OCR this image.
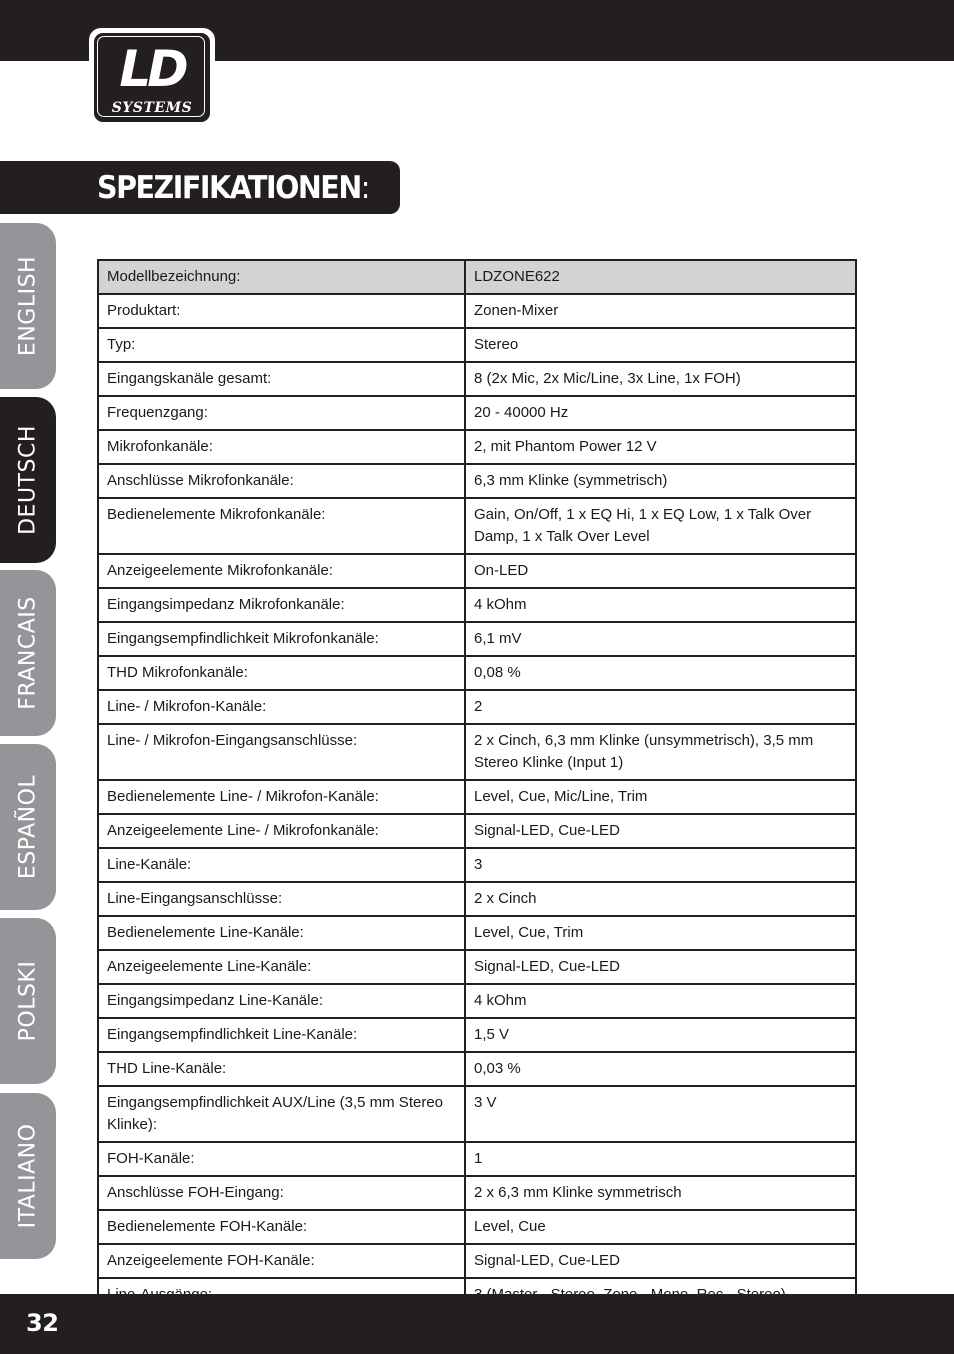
LD
SYSTEMS
SPEZIFIKATIONEN:
ENGLISH
DEUTSCH
FRANCAIS
ESPAÑOL
POLSKI
ITALIANO
Modellbezeichnung:	LDZONE622
Produktart:	Zonen-Mixer
Typ:	Stereo
Eingangskanäle gesamt:	8 (2x Mic, 2x Mic/Line, 3x Line, 1x FOH)
Frequenzgang:	20 - 40000 Hz
Mikrofonkanäle:	2, mit Phantom Power 12 V
Anschlüsse Mikrofonkanäle:	6,3 mm Klinke (symmetrisch)
Bedienelemente Mikrofonkanäle:	Gain, On/Off, 1 x EQ Hi, 1 x EQ Low, 1 x Talk Over Damp, 1 x Talk Over Level
Anzeigeelemente Mikrofonkanäle:	On-LED
Eingangsimpedanz Mikrofonkanäle:	4 kOhm
Eingangsempfindlichkeit Mikrofonkanäle:	6,1 mV
THD Mikrofonkanäle:	0,08 %
Line- / Mikrofon-Kanäle:	2
Line- / Mikrofon-Eingangsanschlüsse:	2 x Cinch, 6,3 mm Klinke (unsymmetrisch), 3,5 mm Stereo Klinke (Input 1)
Bedienelemente Line- / Mikrofon-Kanäle:	Level, Cue, Mic/Line, Trim
Anzeigeelemente Line- / Mikrofonkanäle:	Signal-LED, Cue-LED
Line-Kanäle:	3
Line-Eingangsanschlüsse:	2 x Cinch
Bedienelemente Line-Kanäle:	Level, Cue, Trim
Anzeigeelemente Line-Kanäle:	Signal-LED, Cue-LED
Eingangsimpedanz Line-Kanäle:	4 kOhm
Eingangsempfindlichkeit Line-Kanäle:	1,5 V
THD Line-Kanäle:	0,03 %
Eingangsempfindlichkeit AUX/Line (3,5 mm Stereo Klinke):	3 V
FOH-Kanäle:	1
Anschlüsse FOH-Eingang:	2 x 6,3 mm Klinke symmetrisch
Bedienelemente FOH-Kanäle:	Level, Cue
Anzeigeelemente FOH-Kanäle:	Signal-LED, Cue-LED

32
